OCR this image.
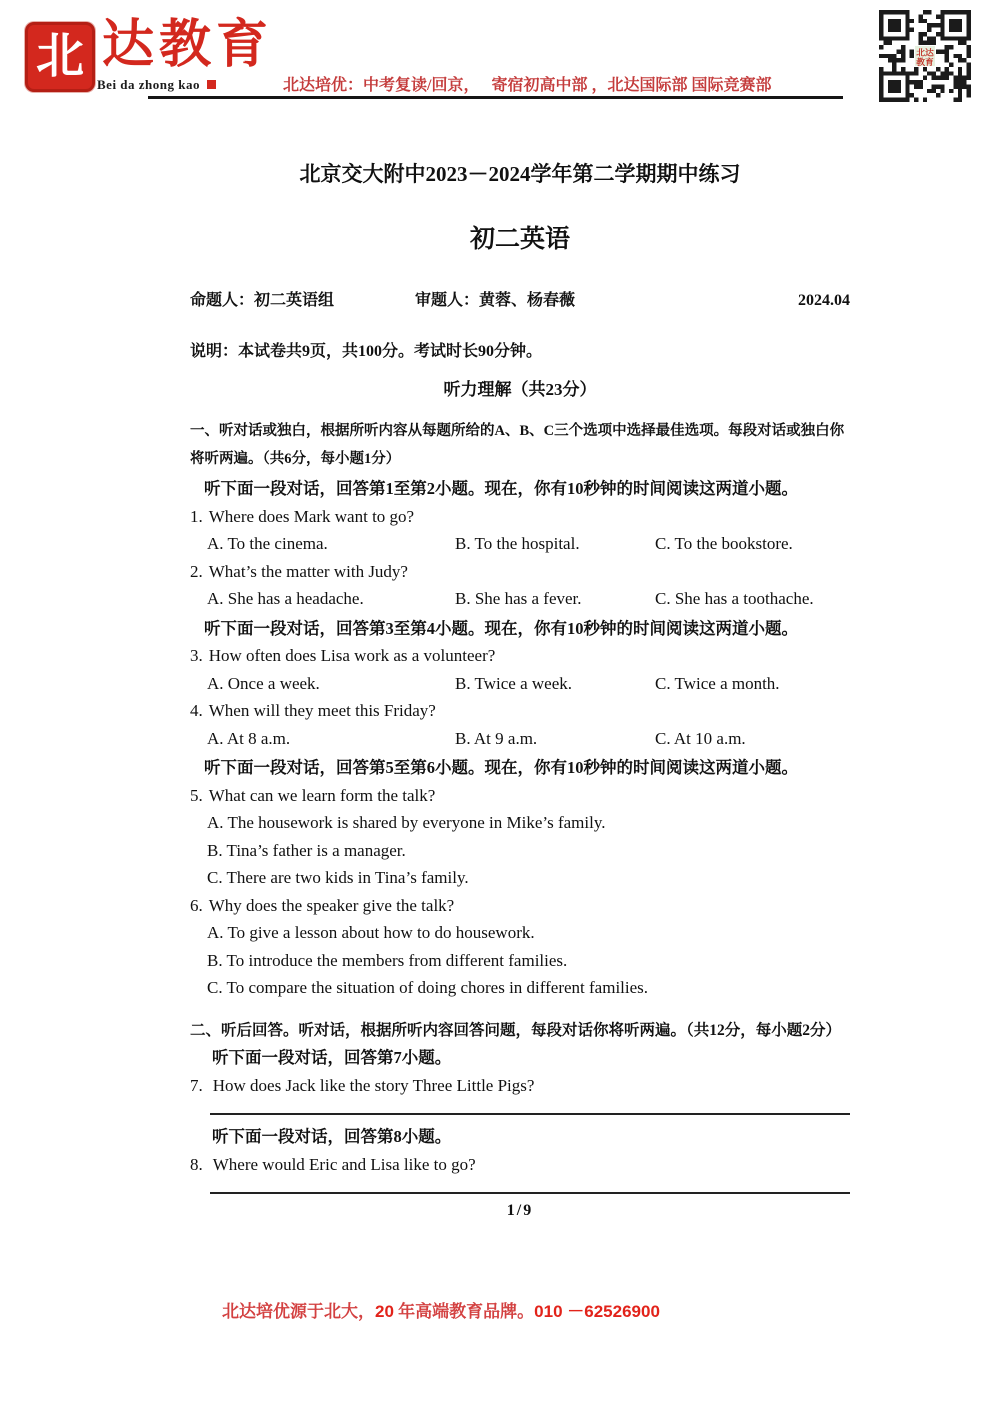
北 达教育
Bei da zhong kao	北达培优：中考复读/回京，   寄宿初高中部 ，北达国际部 国际竞赛部
北达
教育
北京交大附中2023－2024学年第二学期期中练习
初二英语
命题人：初二英语组	审题人：黄蓉、杨春薇	2024.04
说明：本试卷共9页，共100分。考试时长90分钟。
听力理解（共23分）
一、听对话或独白，根据所听内容从每题所给的A、B、C三个选项中选择最佳选项。每段对话或独白你将听两遍。（共6分，每小题1分）
听下面一段对话，回答第1至第2小题。现在，你有10秒钟的时间阅读这两道小题。
1. Where does Mark want to go?
A. To the cinema.	B. To the hospital.	C. To the bookstore.
2. What’s the matter with Judy?
A. She has a headache.	B. She has a fever.	C. She has a toothache.
听下面一段对话，回答第3至第4小题。现在，你有10秒钟的时间阅读这两道小题。
3. How often does Lisa work as a volunteer?
A. Once a week.	B. Twice a week.	C. Twice a month.
4. When will they meet this Friday?
A. At 8 a.m.	B. At 9 a.m.	C. At 10 a.m.
听下面一段对话，回答第5至第6小题。现在，你有10秒钟的时间阅读这两道小题。
5. What can we learn form the talk?
A. The housework is shared by everyone in Mike’s family.
B. Tina’s father is a manager.
C. There are two kids in Tina’s family.
6. Why does the speaker give the talk?
A. To give a lesson about how to do housework.
B. To introduce the members from different families.
C. To compare the situation of doing chores in different families.
二、听后回答。听对话，根据所听内容回答问题，每段对话你将听两遍。（共12分，每小题2分）
听下面一段对话，回答第7小题。
7. How does Jack like the story Three Little Pigs?
听下面一段对话，回答第8小题。
8. Where would Eric and Lisa like to go?
1/9
北达培优源于北大，20 年高端教育品牌。010 －62526900
